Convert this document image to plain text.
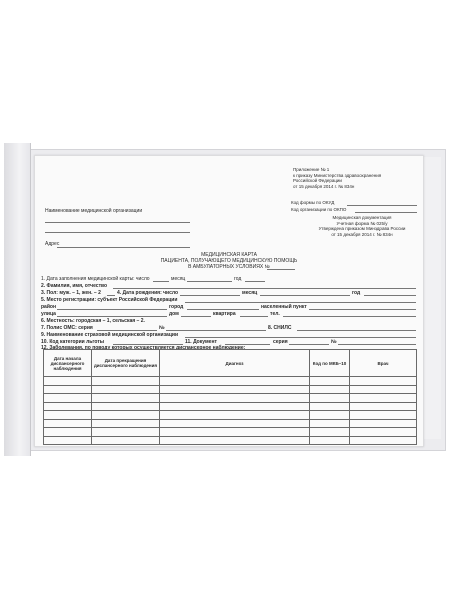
Приложение № 1
к приказу Министерства здравоохранения
Российской Федерации
от 15 декабря 2014 г. № 834н
Код формы по ОКУД
Код организации по ОКПО
Медицинская документация
Учетная форма № 025/у
Утверждена приказом Минздрава России
от 15 декабря 2014 г. № 834н
Наименование медицинской организации
Адрес
МЕДИЦИНСКАЯ КАРТА
ПАЦИЕНТА, ПОЛУЧАЮЩЕГО МЕДИЦИНСКУЮ ПОМОЩЬ
В АМБУЛАТОРНЫХ УСЛОВИЯХ №
1. Дата заполнения медицинской карты: число	месяц	год
2. Фамилия, имя, отчество
3. Пол: муж. – 1, жен. – 2	4. Дата рождения: число	месяц	год
5. Место регистрации: субъект Российской Федерации
район	город	населенный пункт
улица	дом	квартира	тел.
6. Местность: городская – 1, сельская – 2.
7. Полис ОМС: серия	№	8. СНИЛС
9. Наименование страховой медицинской организации
10. Код категории льготы	11. Документ	серия	№
12. Заболевания, по поводу которых осуществляется диспансерное наблюдение:
Дата начала диспансерного наблюдения	Дата прекращения диспансерного наблюдения	Диагноз	Код по МКБ–10	Врач
